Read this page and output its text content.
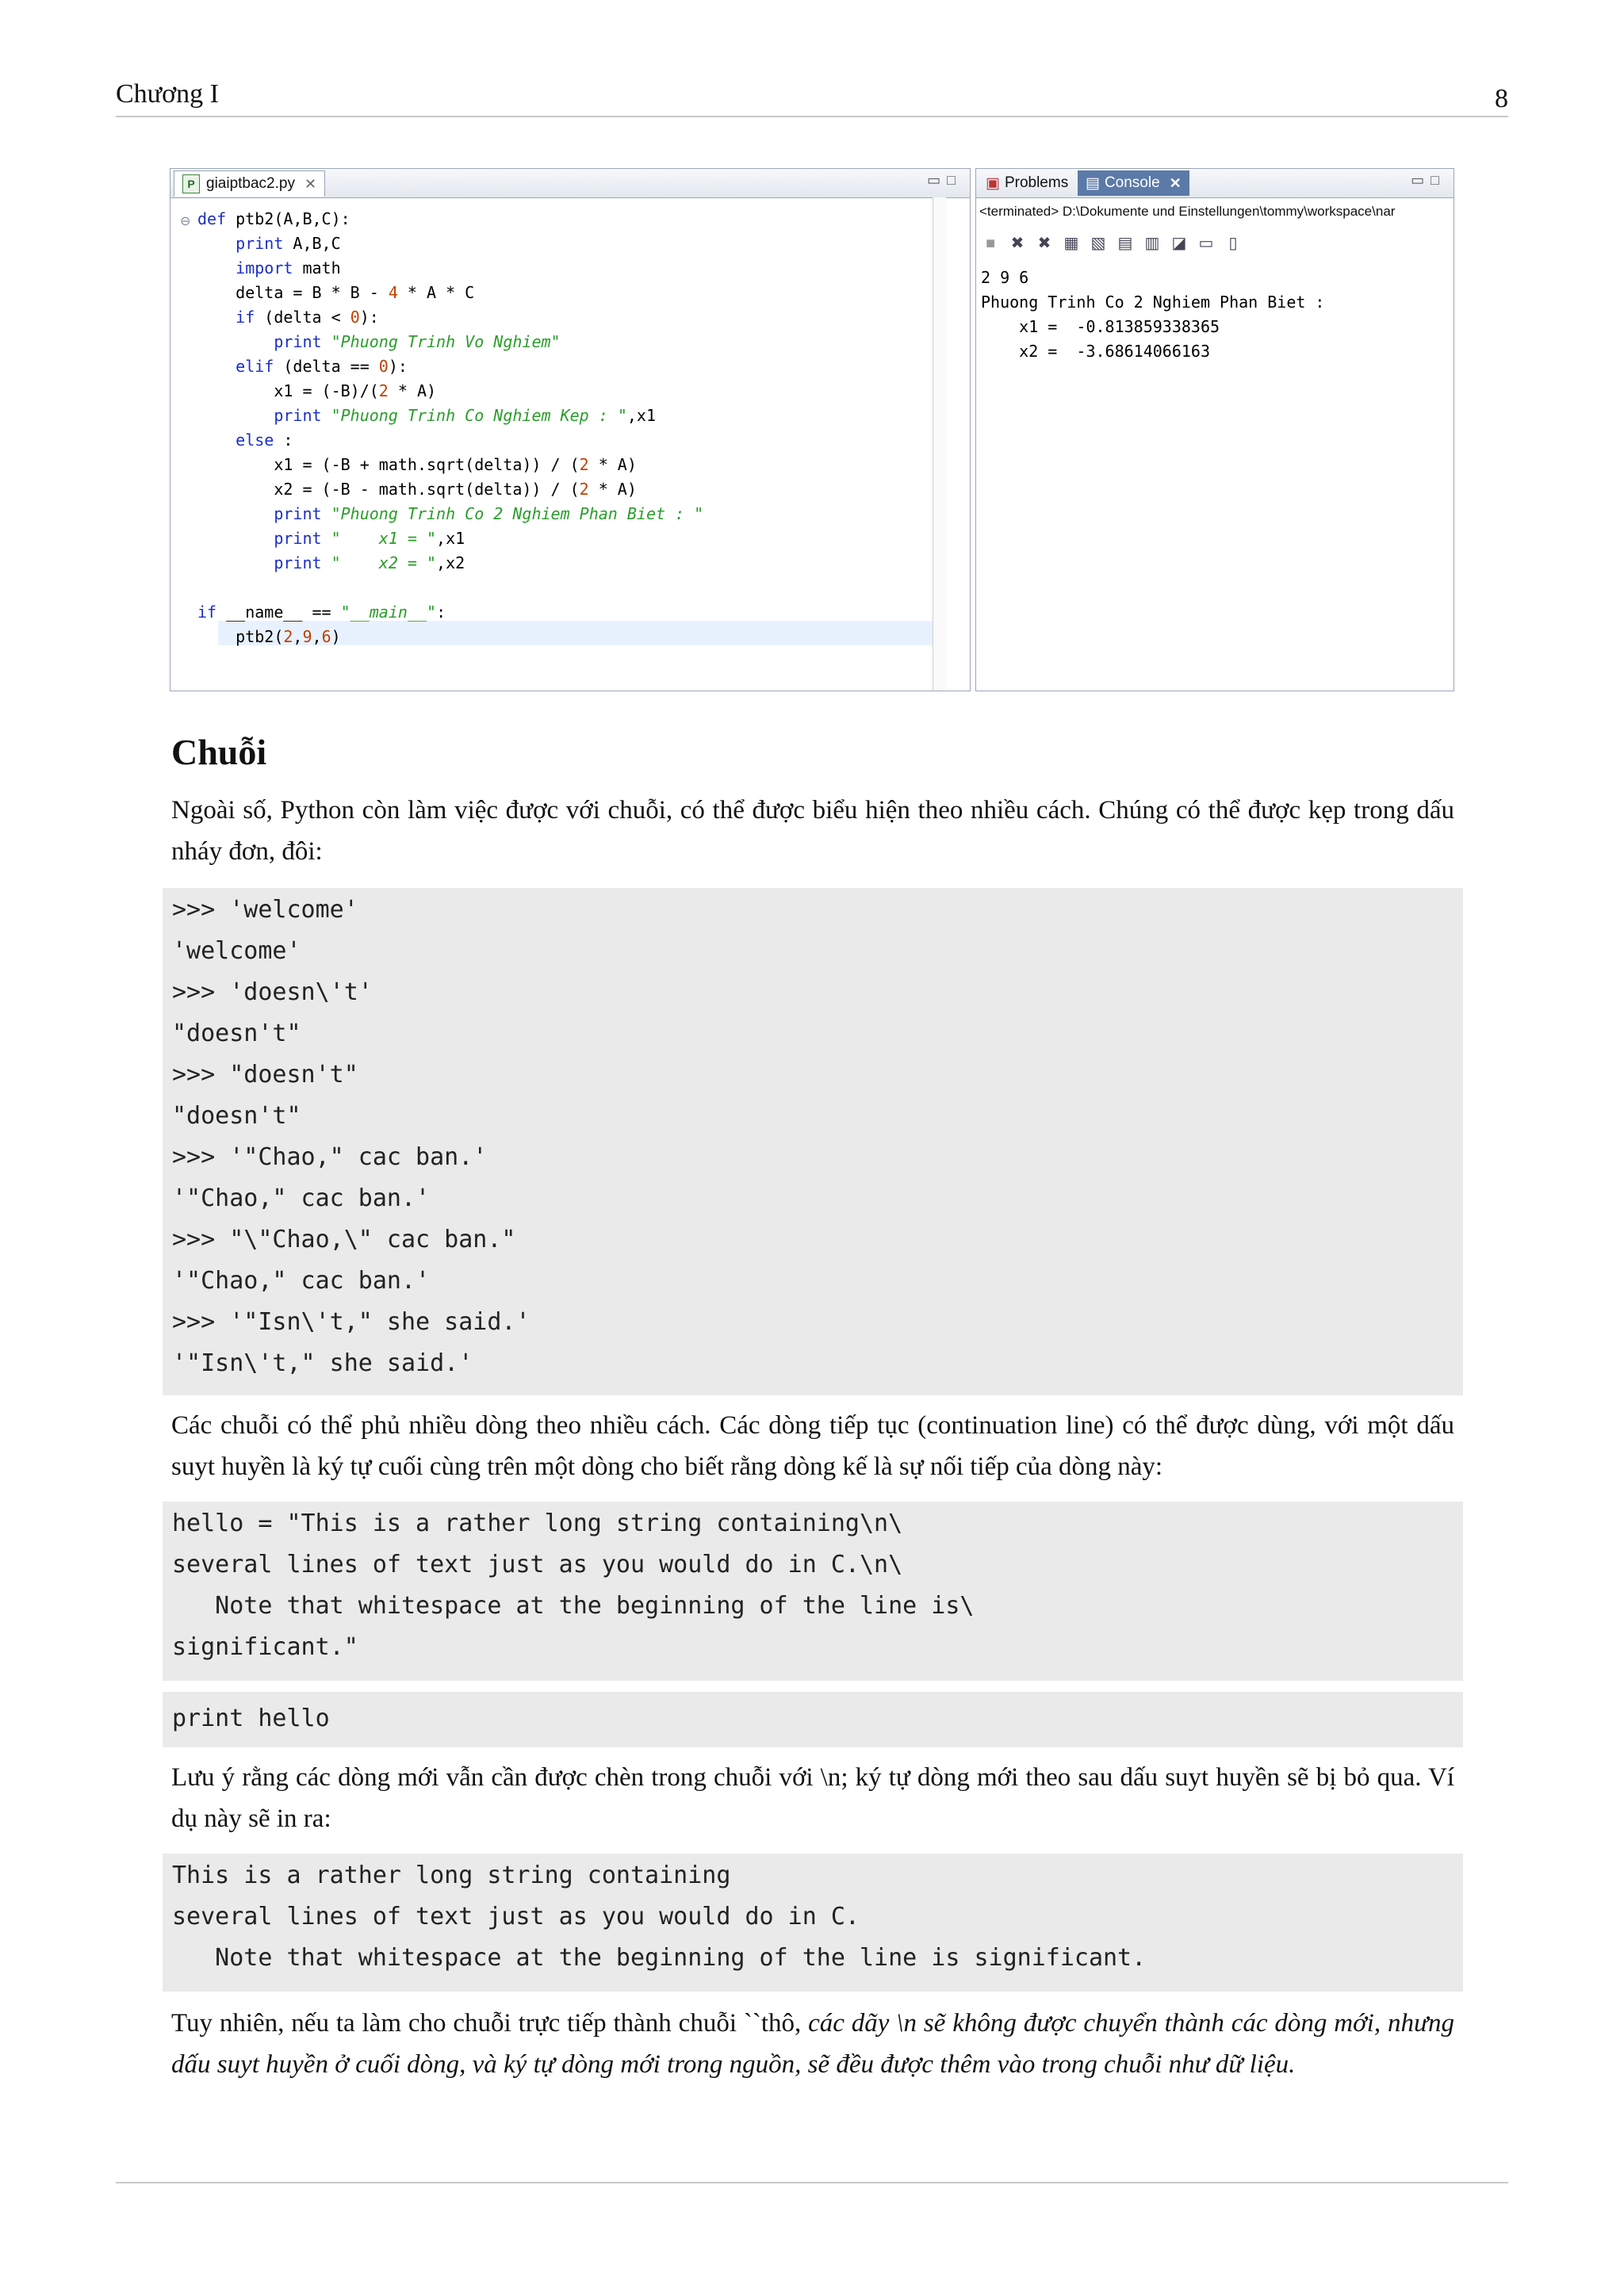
Chương I	8
P giaiptbac2.py ✕	▭□
⊖ def ptb2(A,B,C):
print A,B,C
import math
delta = B * B - 4 * A * C
if (delta < 0):
print "Phuong Trinh Vo Nghiem"
elif (delta == 0):
x1 = (-B)/(2 * A)
print "Phuong Trinh Co Nghiem Kep : ",x1
else :
x1 = (-B + math.sqrt(delta)) / (2 * A)
x2 = (-B - math.sqrt(delta)) / (2 * A)
print "Phuong Trinh Co 2 Nghiem Phan Biet : "
print "    x1 = ",x1
print "    x2 = ",x2

if __name__ == "__main__":
ptb2(2,9,6)
▣ Problems ▤ Console ✕	▭□
<terminated> D:\Dokumente und Einstellungen\tommy\workspace\nar
■ ✖ ✖ ▦ ▧ ▤ ▥ ◪ ▭ ▯
2 9 6
Phuong Trinh Co 2 Nghiem Phan Biet :
x1 =  -0.813859338365
x2 =  -3.68614066163
Chuỗi
Ngoài số, Python còn làm việc được với chuỗi, có thể được biểu hiện theo nhiều cách. Chúng có thể được kẹp trong dấu nháy đơn, đôi:
>>> 'welcome'
'welcome'
>>> 'doesn\'t'
"doesn't"
>>> "doesn't"
"doesn't"
>>> '"Chao," cac ban.'
'"Chao," cac ban.'
>>> "\"Chao,\" cac ban."
'"Chao," cac ban.'
>>> '"Isn\'t," she said.'
'"Isn\'t," she said.'
Các chuỗi có thể phủ nhiều dòng theo nhiều cách. Các dòng tiếp tục (continuation line) có thể được dùng, với một dấu suyt huyền là ký tự cuối cùng trên một dòng cho biết rằng dòng kế là sự nối tiếp của dòng này:
hello = "This is a rather long string containing\n\
several lines of text just as you would do in C.\n\
Note that whitespace at the beginning of the line is\
significant."
print hello
Lưu ý rằng các dòng mới vẫn cần được chèn trong chuỗi với \n; ký tự dòng mới theo sau dấu suyt huyền sẽ bị bỏ qua. Ví dụ này sẽ in ra:
This is a rather long string containing
several lines of text just as you would do in C.
Note that whitespace at the beginning of the line is significant.
Tuy nhiên, nếu ta làm cho chuỗi trực tiếp thành chuỗi ``thô, các dãy \n sẽ không được chuyển thành các dòng mới, nhưng dấu suyt huyền ở cuối dòng, và ký tự dòng mới trong nguồn, sẽ đều được thêm vào trong chuỗi như dữ liệu.
